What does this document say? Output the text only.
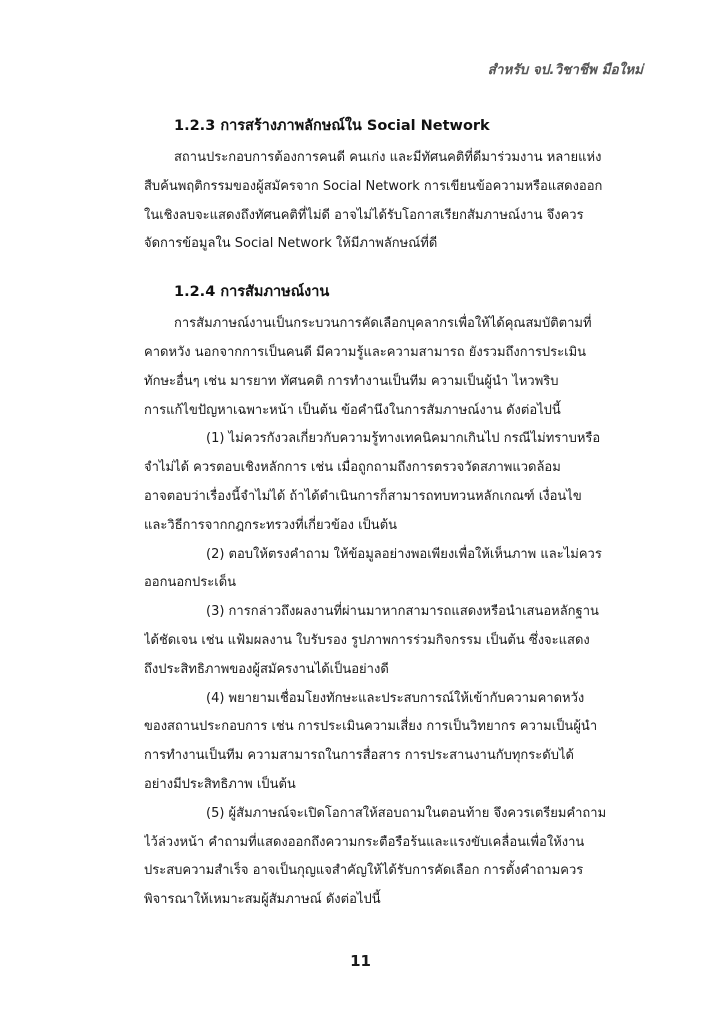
สำหรับ จป.วิชาชีพ มือใหม่
1.2.3 การสร้างภาพลักษณ์ใน Social Network
สถานประกอบการต้องการคนดี คนเก่ง และมีทัศนคติที่ดีมาร่วมงาน หลายแห่ง
สืบค้นพฤติกรรมของผู้สมัครจาก Social Network การเขียนข้อความหรือแสดงออก
ในเชิงลบจะแสดงถึงทัศนคติที่ไม่ดี อาจไม่ได้รับโอกาสเรียกสัมภาษณ์งาน จึงควร
จัดการข้อมูลใน Social Network ให้มีภาพลักษณ์ที่ดี
1.2.4 การสัมภาษณ์งาน
การสัมภาษณ์งานเป็นกระบวนการคัดเลือกบุคลากรเพื่อให้ได้คุณสมบัติตามที่
คาดหวัง นอกจากการเป็นคนดี มีความรู้และความสามารถ ยังรวมถึงการประเมิน
ทักษะอื่นๆ เช่น มารยาท ทัศนคติ การทำงานเป็นทีม ความเป็นผู้นำ ไหวพริบ
การแก้ไขปัญหาเฉพาะหน้า เป็นต้น ข้อคำนึงในการสัมภาษณ์งาน ดังต่อไปนี้
(1) ไม่ควรกังวลเกี่ยวกับความรู้ทางเทคนิคมากเกินไป กรณีไม่ทราบหรือ
จำไม่ได้ ควรตอบเชิงหลักการ เช่น เมื่อถูกถามถึงการตรวจวัดสภาพแวดล้อม
อาจตอบว่าเรื่องนี้จำไม่ได้ ถ้าได้ดำเนินการก็สามารถทบทวนหลักเกณฑ์ เงื่อนไข
และวิธีการจากกฎกระทรวงที่เกี่ยวข้อง เป็นต้น
(2) ตอบให้ตรงคำถาม ให้ข้อมูลอย่างพอเพียงเพื่อให้เห็นภาพ และไม่ควร
ออกนอกประเด็น
(3) การกล่าวถึงผลงานที่ผ่านมาหากสามารถแสดงหรือนำเสนอหลักฐาน
ได้ชัดเจน เช่น แฟ้มผลงาน ใบรับรอง รูปภาพการร่วมกิจกรรม เป็นต้น ซึ่งจะแสดง
ถึงประสิทธิภาพของผู้สมัครงานได้เป็นอย่างดี
(4) พยายามเชื่อมโยงทักษะและประสบการณ์ให้เข้ากับความคาดหวัง
ของสถานประกอบการ เช่น การประเมินความเสี่ยง การเป็นวิทยากร ความเป็นผู้นำ
การทำงานเป็นทีม ความสามารถในการสื่อสาร การประสานงานกับทุกระดับได้
อย่างมีประสิทธิภาพ เป็นต้น
(5) ผู้สัมภาษณ์จะเปิดโอกาสให้สอบถามในตอนท้าย จึงควรเตรียมคำถาม
ไว้ล่วงหน้า คำถามที่แสดงออกถึงความกระตือรือร้นและแรงขับเคลื่อนเพื่อให้งาน
ประสบความสำเร็จ อาจเป็นกุญแจสำคัญให้ได้รับการคัดเลือก การตั้งคำถามควร
พิจารณาให้เหมาะสมผู้สัมภาษณ์ ดังต่อไปนี้
11
